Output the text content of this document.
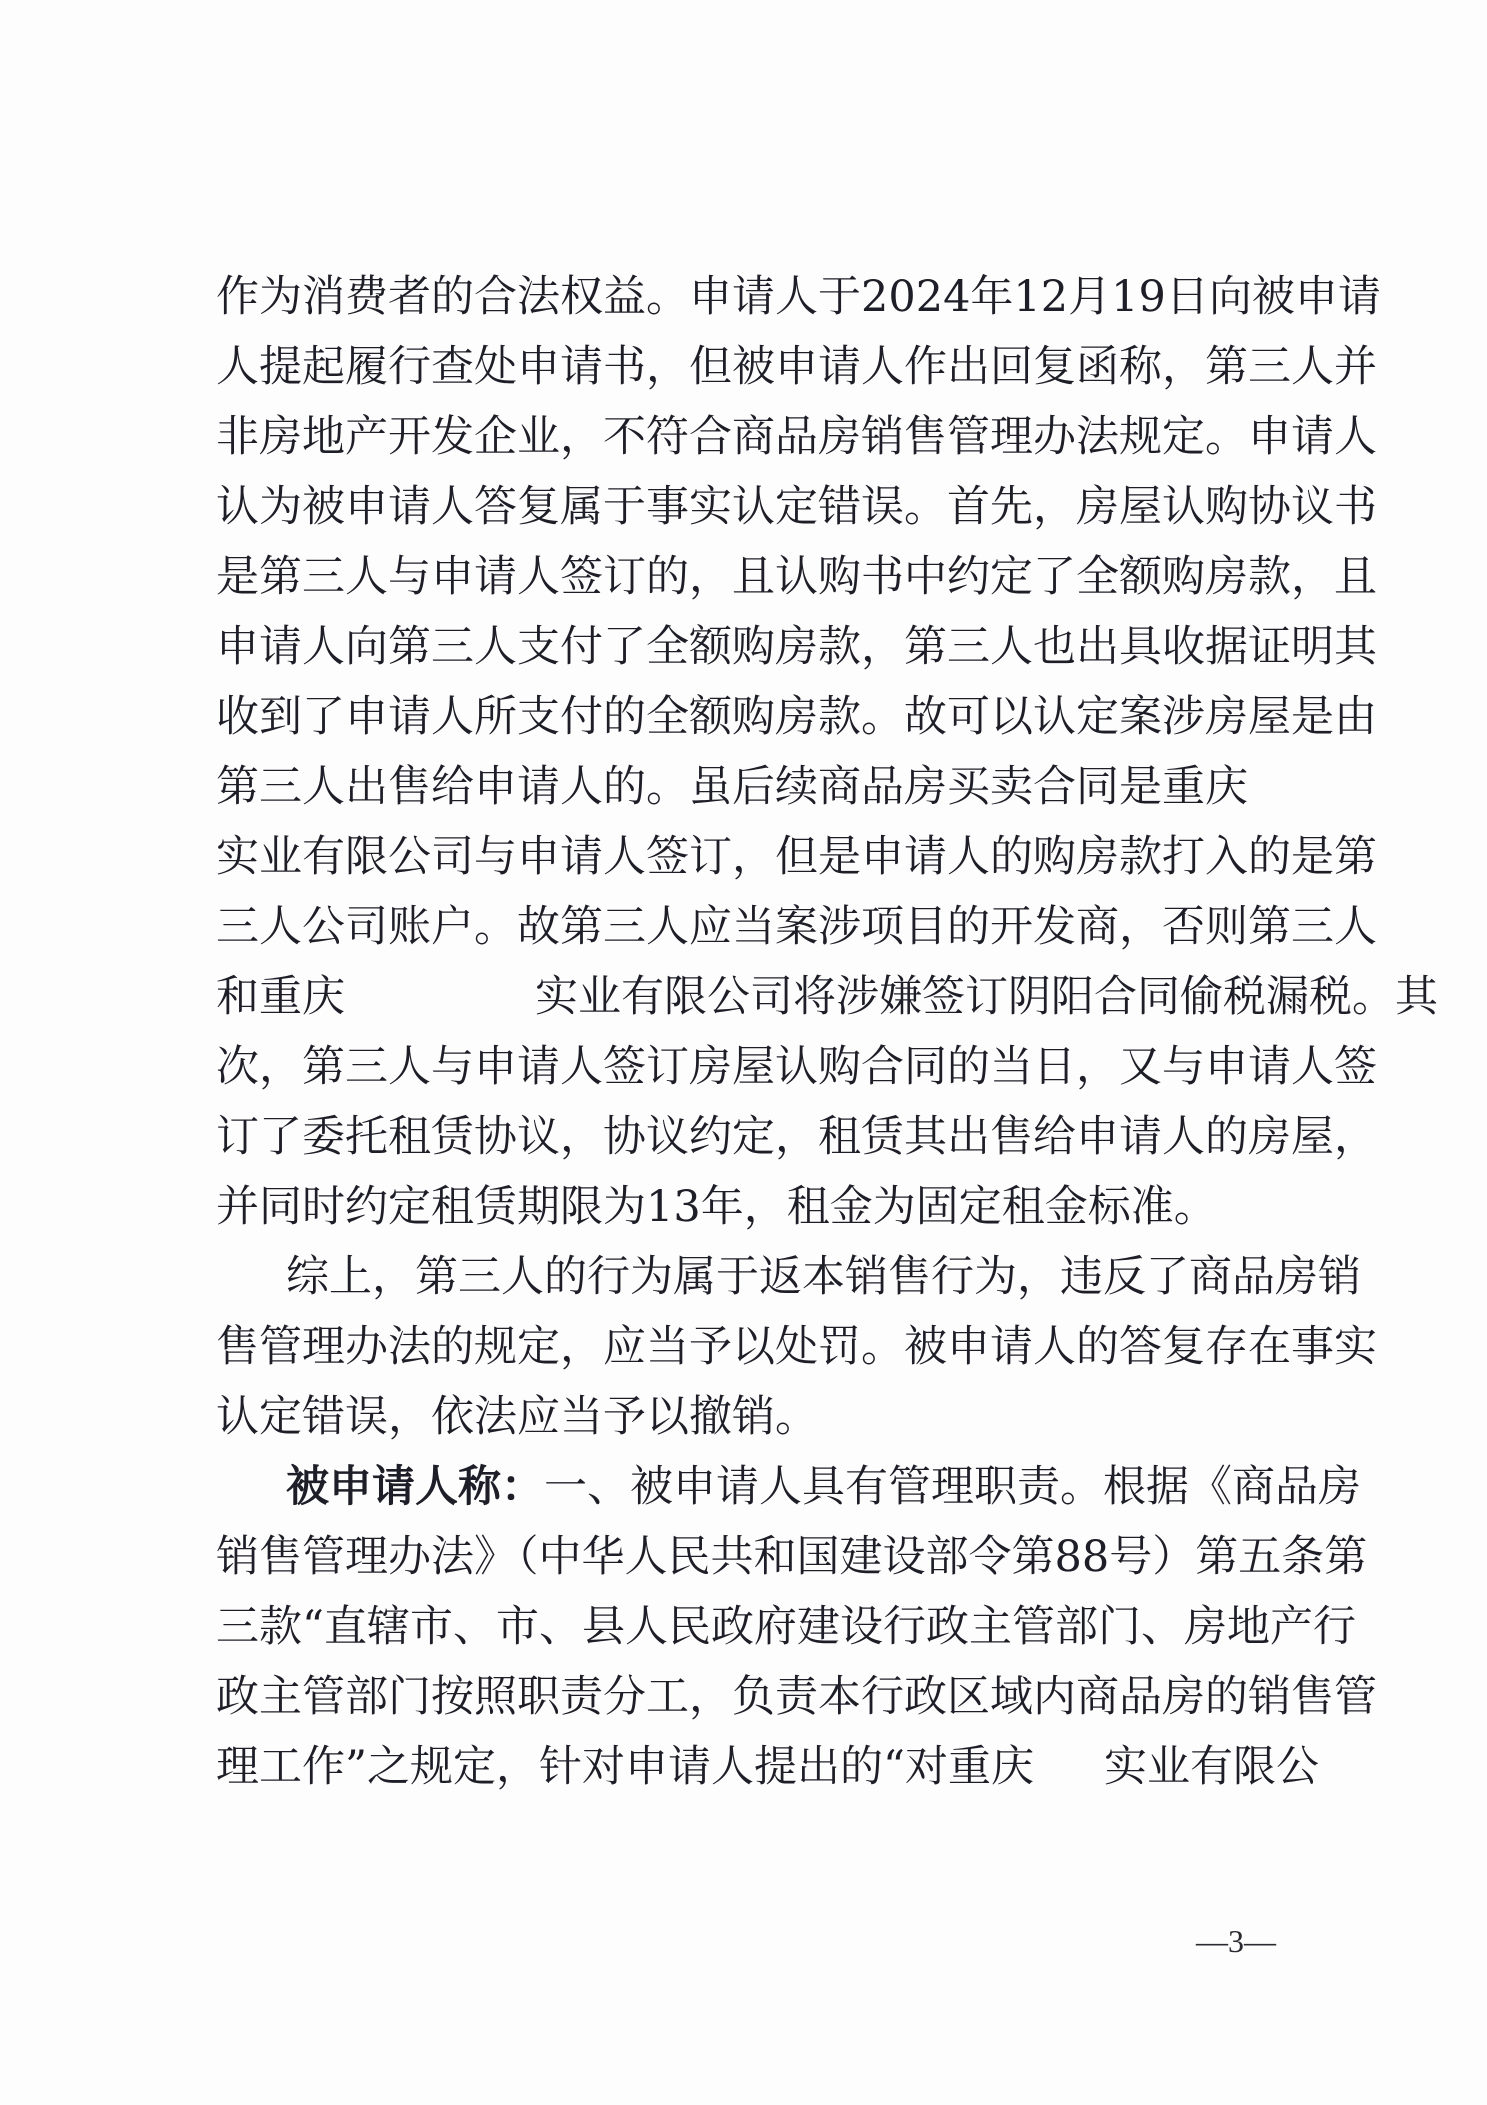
作为消费者的合法权益。申请人于2024年12月19日向被申请
人提起履行查处申请书，但被申请人作出回复函称，第三人并
非房地产开发企业，不符合商品房销售管理办法规定。申请人
认为被申请人答复属于事实认定错误。首先，房屋认购协议书
是第三人与申请人签订的，且认购书中约定了全额购房款，且
申请人向第三人支付了全额购房款，第三人也出具收据证明其
收到了申请人所支付的全额购房款。故可以认定案涉房屋是由
第三人出售给申请人的。虽后续商品房买卖合同是重庆
实业有限公司与申请人签订，但是申请人的购房款打入的是第
三人公司账户。故第三人应当案涉项目的开发商，否则第三人
和重庆	实业有限公司将涉嫌签订阴阳合同偷税漏税。其
次，第三人与申请人签订房屋认购合同的当日，又与申请人签
订了委托租赁协议，协议约定，租赁其出售给申请人的房屋，
并同时约定租赁期限为13年，租金为固定租金标准。
综上，第三人的行为属于返本销售行为，违反了商品房销
售管理办法的规定，应当予以处罚。被申请人的答复存在事实
认定错误，依法应当予以撤销。
被申请人称：一、被申请人具有管理职责。根据《商品房
销售管理办法》（中华人民共和国建设部令第88号）第五条第
三款“直辖市、市、县人民政府建设行政主管部门、房地产行
政主管部门按照职责分工，负责本行政区域内商品房的销售管
理工作”之规定，针对申请人提出的“对重庆 实业有限公
—3—
